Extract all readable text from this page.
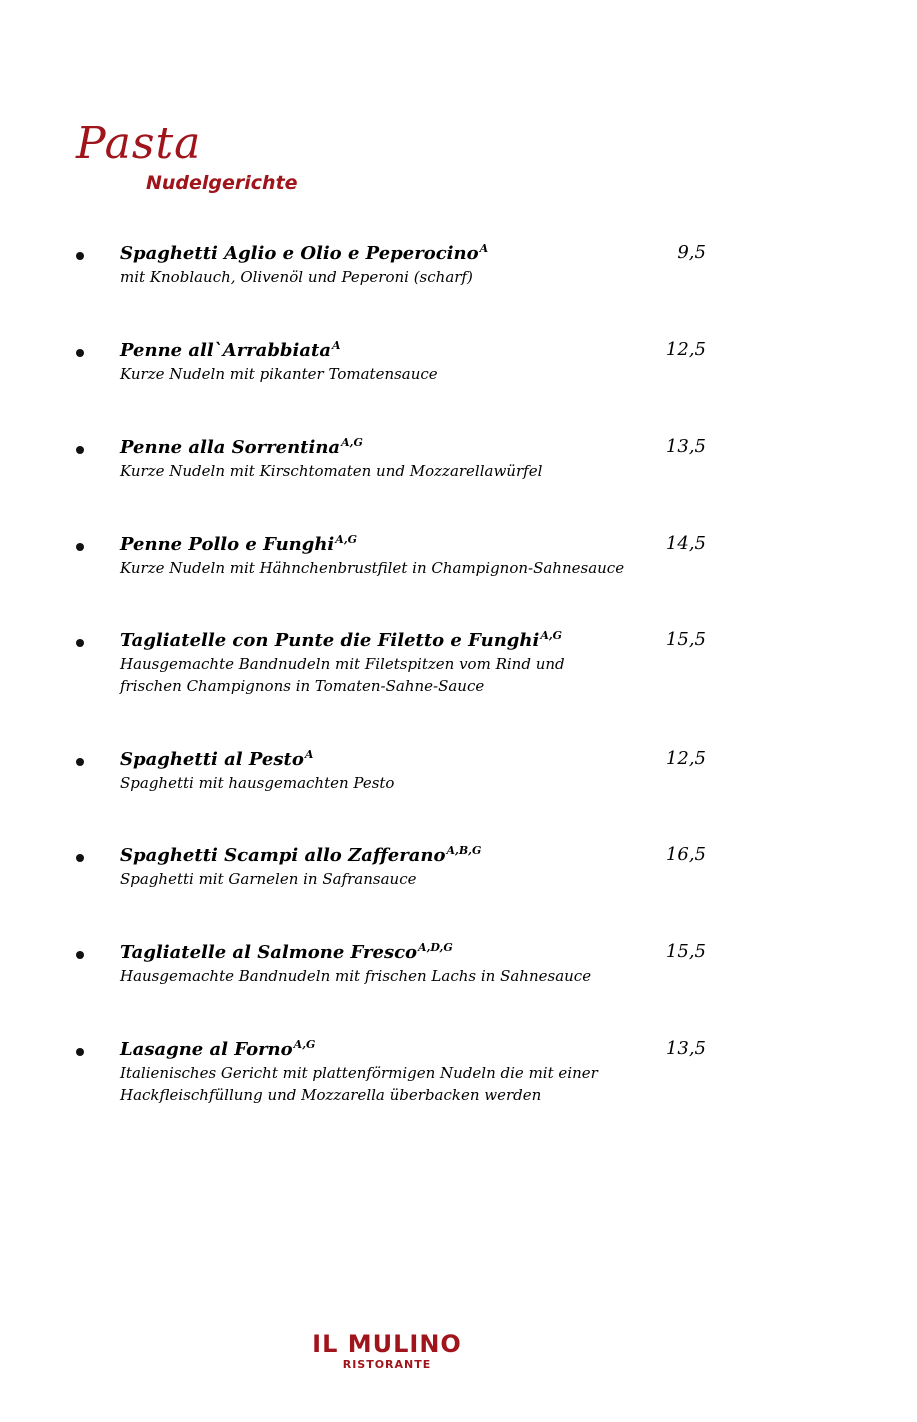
Pasta
Nudelgerichte
Spaghetti Aglio e Olio e Peperocino$^A$
mit Knoblauch, Olivenöl und Peperoni (scharf)
9,5
Penne all`Arrabbiata$^A$
Kurze Nudeln mit pikanter Tomatensauce
12,5
Penne alla Sorrentina$^{A,G}$
Kurze Nudeln mit Kirschtomaten und Mozzarellawürfel
13,5
Penne Pollo e Funghi$^{A,G}$
Kurze Nudeln mit Hähnchenbrustfilet in Champignon-Sahnesauce
14,5
Tagliatelle con Punte die Filetto e Funghi$^{A,G}$
Hausgemachte Bandnudeln mit Filetspitzen vom Rind und
frischen Champignons in Tomaten-Sahne-Sauce
15,5
Spaghetti al Pesto$^A$
Spaghetti mit hausgemachten Pesto
12,5
Spaghetti Scampi allo Zafferano$^{A,B,G}$
Spaghetti mit Garnelen in Safransauce
16,5
Tagliatelle al Salmone Fresco$^{A,D,G}$
Hausgemachte Bandnudeln mit frischen Lachs in Sahnesauce
15,5
Lasagne al Forno$^{A,G}$
Italienisches Gericht mit plattenförmigen Nudeln die mit einer
Hackfleischfüllung und Mozzarella überbacken werden
13,5
IL MULINO
RISTORANTE
